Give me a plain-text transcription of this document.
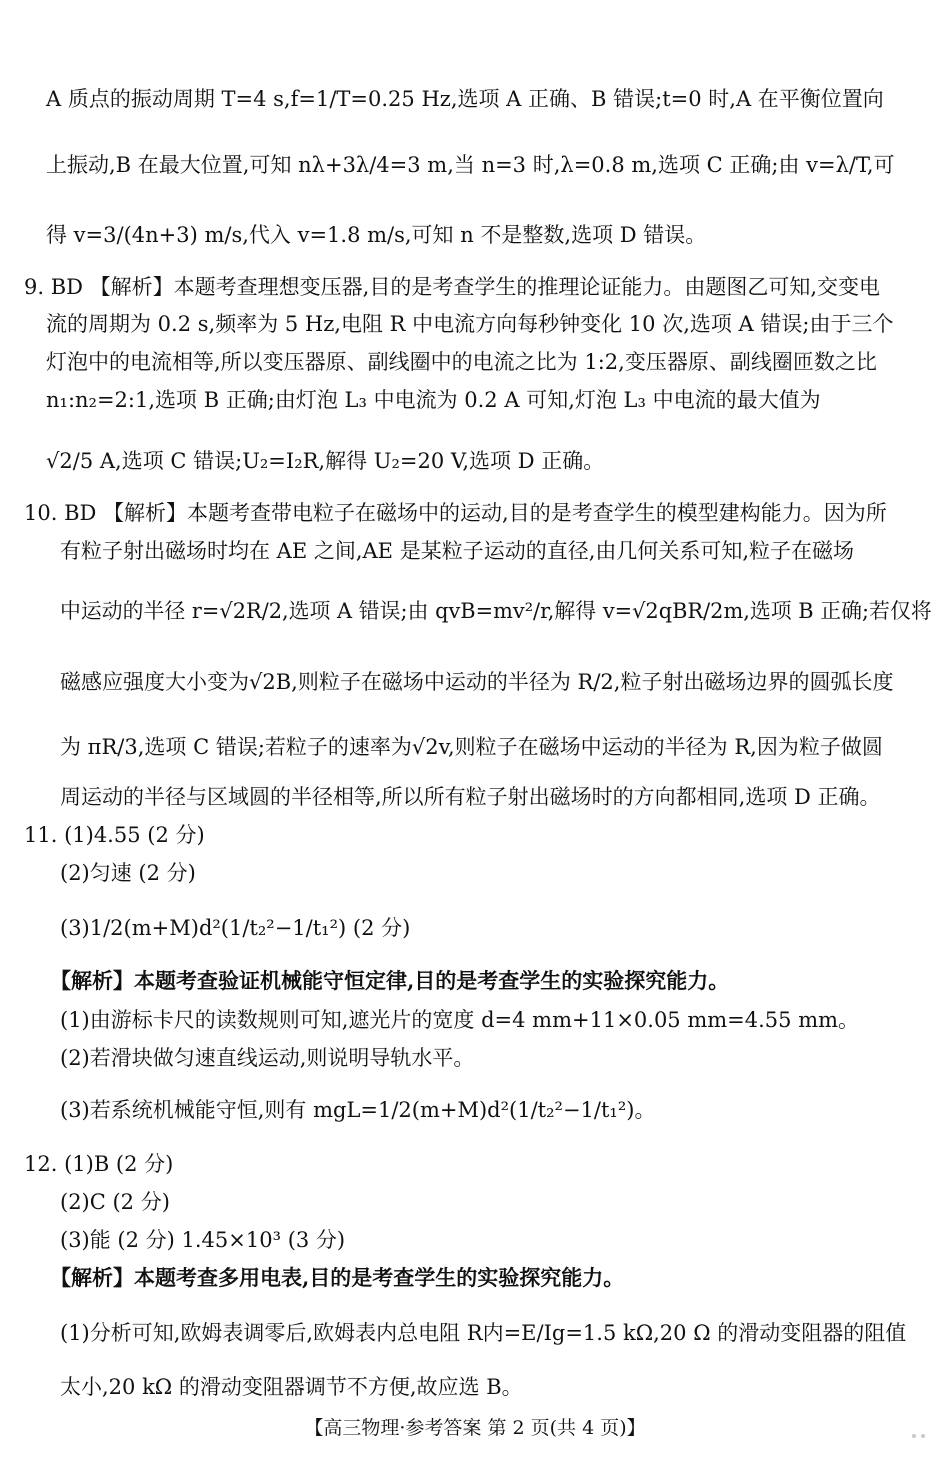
A 质点的振动周期 T=4 s,f=1/T=0.25 Hz,选项 A 正确、B 错误;t=0 时,A 在平衡位置向
上振动,B 在最大位置,可知 nλ+3λ/4=3 m,当 n=3 时,λ=0.8 m,选项 C 正确;由 v=λ/T,可
得 v=3/(4n+3) m/s,代入 v=1.8 m/s,可知 n 不是整数,选项 D 错误。
9. BD 【解析】本题考查理想变压器,目的是考查学生的推理论证能力。由题图乙可知,交变电
流的周期为 0.2 s,频率为 5 Hz,电阻 R 中电流方向每秒钟变化 10 次,选项 A 错误;由于三个
灯泡中的电流相等,所以变压器原、副线圈中的电流之比为 1:2,变压器原、副线圈匝数之比
n₁:n₂=2:1,选项 B 正确;由灯泡 L₃ 中电流为 0.2 A 可知,灯泡 L₃ 中电流的最大值为
√2/5 A,选项 C 错误;U₂=I₂R,解得 U₂=20 V,选项 D 正确。
10. BD 【解析】本题考查带电粒子在磁场中的运动,目的是考查学生的模型建构能力。因为所
有粒子射出磁场时均在 AE 之间,AE 是某粒子运动的直径,由几何关系可知,粒子在磁场
中运动的半径 r=√2R/2,选项 A 错误;由 qvB=mv²/r,解得 v=√2qBR/2m,选项 B 正确;若仅将
磁感应强度大小变为√2B,则粒子在磁场中运动的半径为 R/2,粒子射出磁场边界的圆弧长度
为 πR/3,选项 C 错误;若粒子的速率为√2v,则粒子在磁场中运动的半径为 R,因为粒子做圆
周运动的半径与区域圆的半径相等,所以所有粒子射出磁场时的方向都相同,选项 D 正确。
11. (1)4.55 (2 分)
(2)匀速 (2 分)
(3)1/2(m+M)d²(1/t₂²−1/t₁²) (2 分)
【解析】本题考查验证机械能守恒定律,目的是考查学生的实验探究能力。
(1)由游标卡尺的读数规则可知,遮光片的宽度 d=4 mm+11×0.05 mm=4.55 mm。
(2)若滑块做匀速直线运动,则说明导轨水平。
(3)若系统机械能守恒,则有 mgL=1/2(m+M)d²(1/t₂²−1/t₁²)。
12. (1)B (2 分)
(2)C (2 分)
(3)能 (2 分) 1.45×10³ (3 分)
【解析】本题考查多用电表,目的是考查学生的实验探究能力。
(1)分析可知,欧姆表调零后,欧姆表内总电阻 R内=E/Ig=1.5 kΩ,20 Ω 的滑动变阻器的阻值
太小,20 kΩ 的滑动变阻器调节不方便,故应选 B。
【高三物理·参考答案 第 2 页(共 4 页)】
